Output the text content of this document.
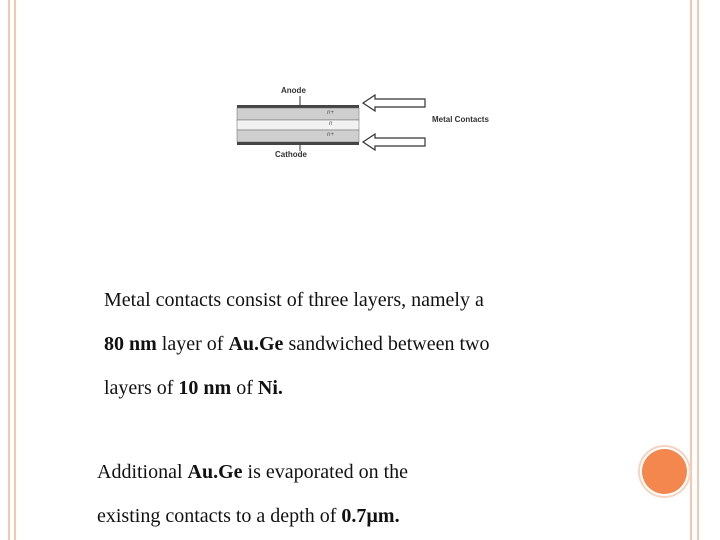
Anode
Cathode
Metal Contacts
n+
n
n+

Metal contacts consist of three layers, namely a

80 nm layer of Au.Ge sandwiched between two

layers of 10 nm of Ni.

Additional Au.Ge is evaporated on the

existing contacts to a depth of 0.7µm.
